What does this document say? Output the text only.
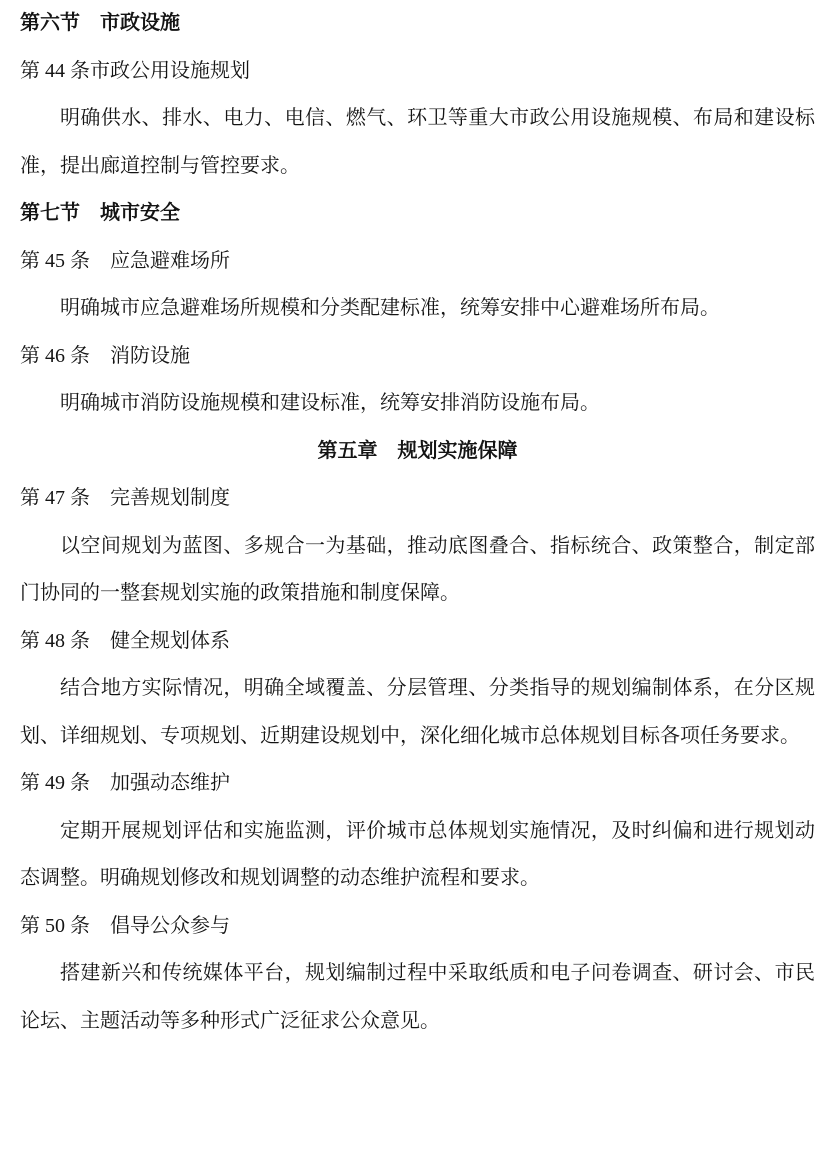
第六节　市政设施
第 44 条市政公用设施规划
明确供水、排水、电力、电信、燃气、环卫等重大市政公用设施规模、布局和建设标准，提出廊道控制与管控要求。
第七节　城市安全
第 45 条　应急避难场所
明确城市应急避难场所规模和分类配建标准，统筹安排中心避难场所布局。
第 46 条　消防设施
明确城市消防设施规模和建设标准，统筹安排消防设施布局。
第五章　规划实施保障
第 47 条　完善规划制度
以空间规划为蓝图、多规合一为基础，推动底图叠合、指标统合、政策整合，制定部门协同的一整套规划实施的政策措施和制度保障。
第 48 条　健全规划体系
结合地方实际情况，明确全域覆盖、分层管理、分类指导的规划编制体系，在分区规划、详细规划、专项规划、近期建设规划中，深化细化城市总体规划目标各项任务要求。
第 49 条　加强动态维护
定期开展规划评估和实施监测，评价城市总体规划实施情况，及时纠偏和进行规划动态调整。明确规划修改和规划调整的动态维护流程和要求。
第 50 条　倡导公众参与
搭建新兴和传统媒体平台，规划编制过程中采取纸质和电子问卷调查、研讨会、市民论坛、主题活动等多种形式广泛征求公众意见。
